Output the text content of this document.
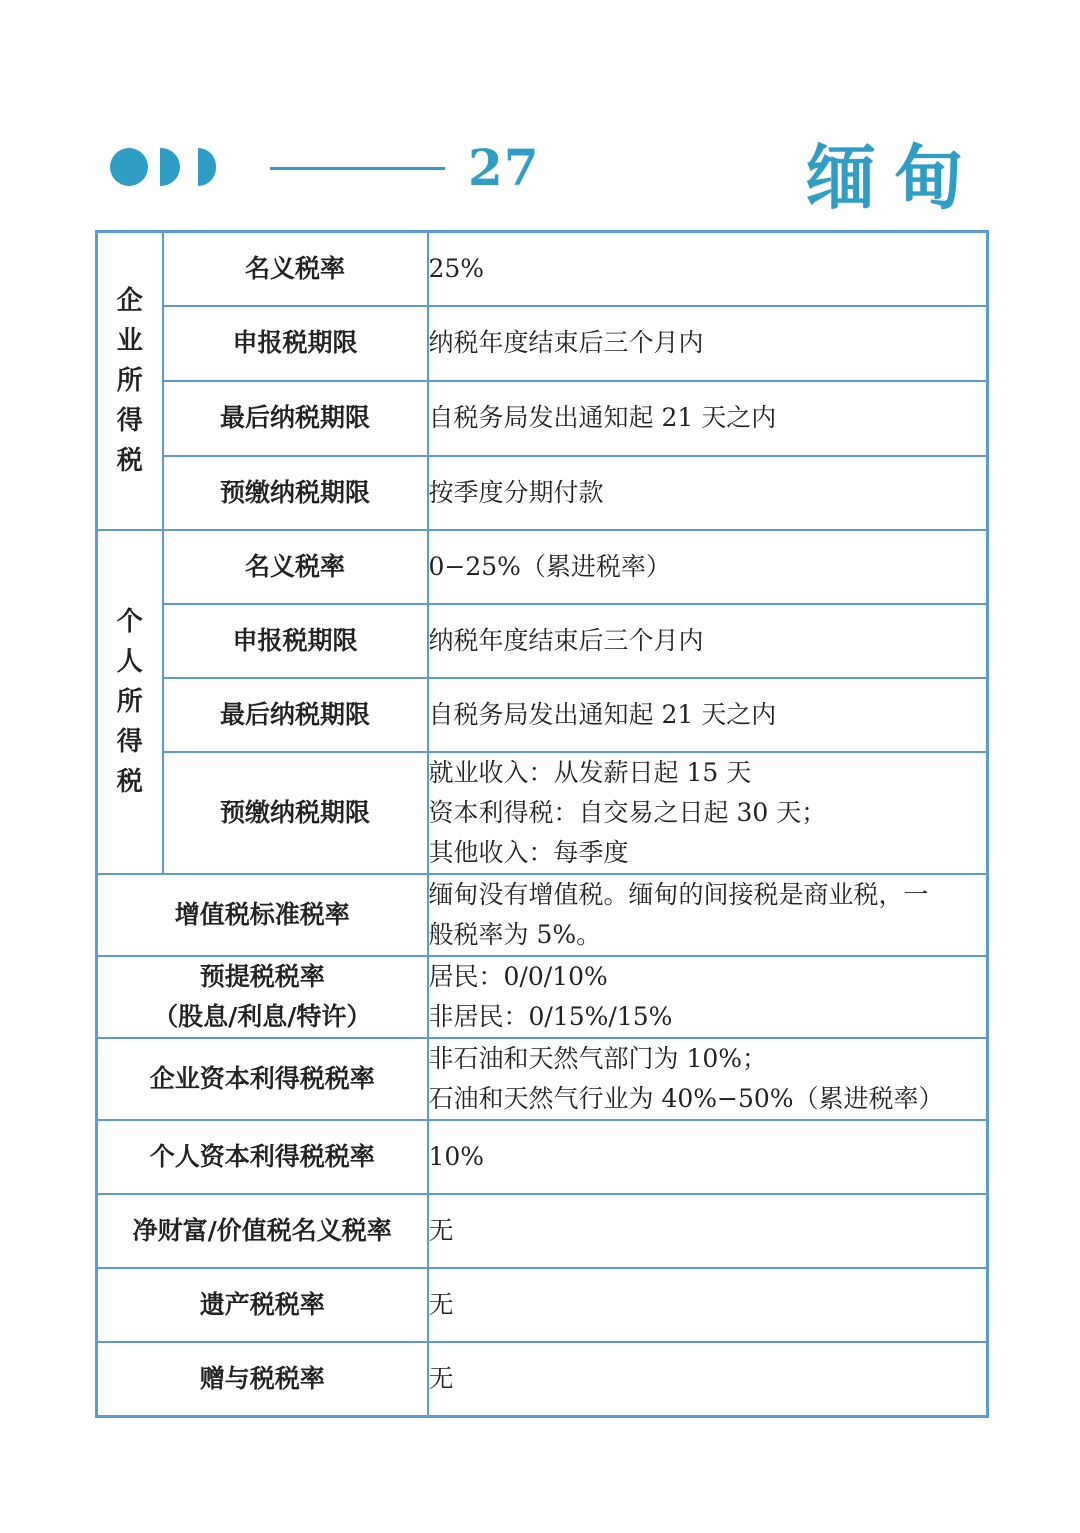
27	缅甸
企
业
所
得
税	名义税率	25%
	申报税期限	纳税年度结束后三个月内
	最后纳税期限	自税务局发出通知起 21 天之内
	预缴纳税期限	按季度分期付款

个
人
所
得
税	名义税率	0−25%（累进税率）
	申报税期限	纳税年度结束后三个月内
	最后纳税期限	自税务局发出通知起 21 天之内
	预缴纳税期限	就业收入：从发薪日起 15 天
资本利得税：自交易之日起 30 天；
其他收入：每季度

增值税标准税率		缅甸没有增值税。缅甸的间接税是商业税，一
般税率为 5%。

预提税税率
（股息/利息/特许）		居民：0/0/10%
非居民：0/15%/15%

企业资本利得税税率		非石油和天然气部门为 10%；
石油和天然气行业为 40%−50%（累进税率）

个人资本利得税税率		10%
净财富/价值税名义税率		无
遗产税税率		无
赠与税税率		无
